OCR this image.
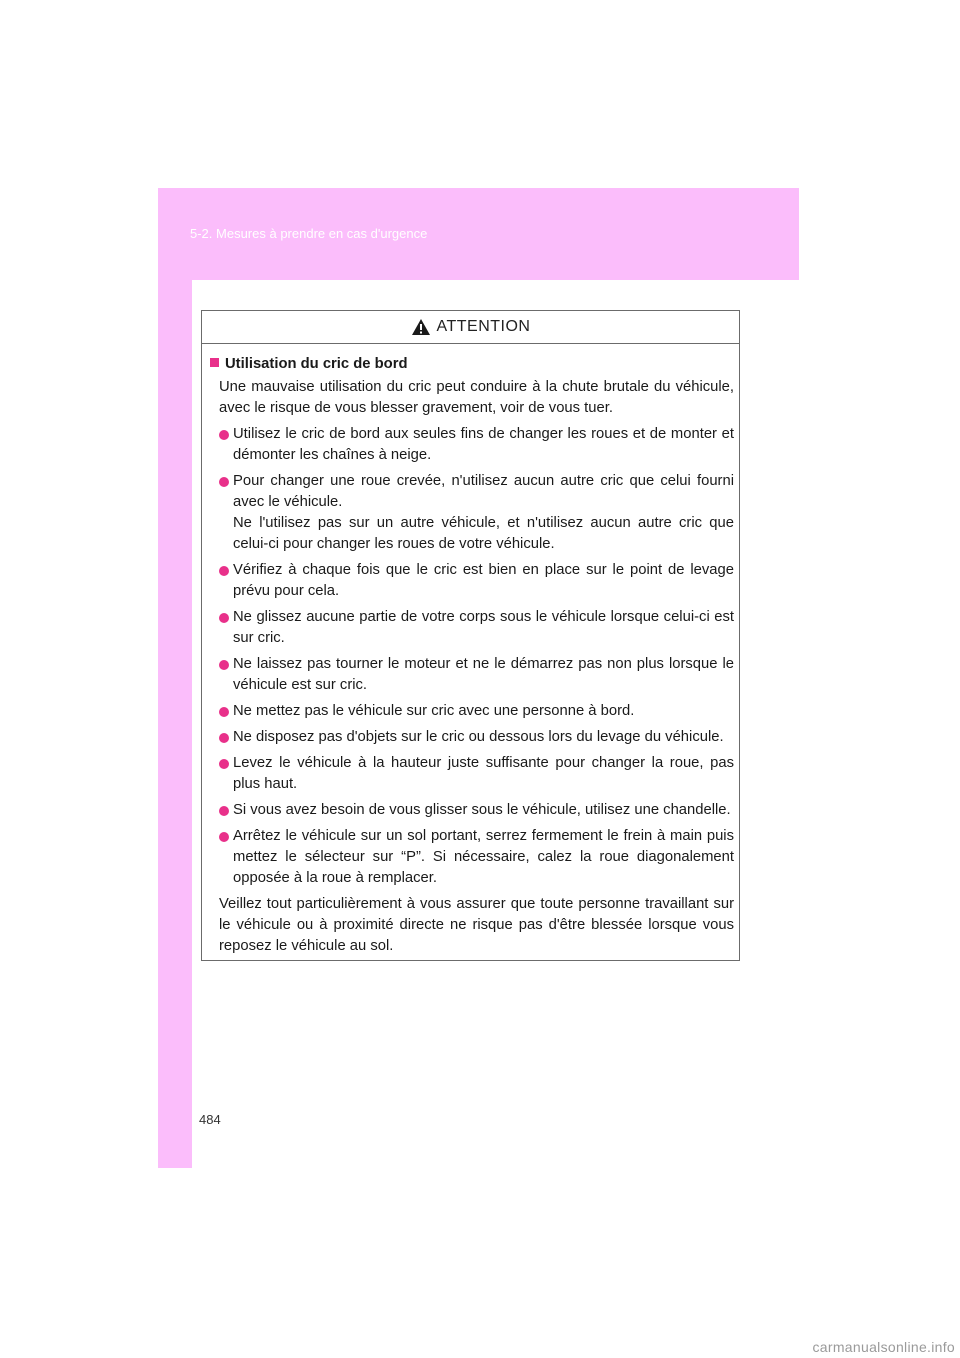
5-2. Mesures à prendre en cas d'urgence
ATTENTION
Utilisation du cric de bord
Une mauvaise utilisation du cric peut conduire à la chute brutale du véhicule, avec le risque de vous blesser gravement, voir de vous tuer.
Utilisez le cric de bord aux seules fins de changer les roues et de monter et démonter les chaînes à neige.
Pour changer une roue crevée, n'utilisez aucun autre cric que celui fourni avec le véhicule.
Ne l'utilisez pas sur un autre véhicule, et n'utilisez aucun autre cric que celui-ci pour changer les roues de votre véhicule.
Vérifiez à chaque fois que le cric est bien en place sur le point de levage prévu pour cela.
Ne glissez aucune partie de votre corps sous le véhicule lorsque celui-ci est sur cric.
Ne laissez pas tourner le moteur et ne le démarrez pas non plus lorsque le véhicule est sur cric.
Ne mettez pas le véhicule sur cric avec une personne à bord.
Ne disposez pas d'objets sur le cric ou dessous lors du levage du véhicule.
Levez le véhicule à la hauteur juste suffisante pour changer la roue, pas plus haut.
Si vous avez besoin de vous glisser sous le véhicule, utilisez une chandelle.
Arrêtez le véhicule sur un sol portant, serrez fermement le frein à main puis mettez le sélecteur sur “P”. Si nécessaire, calez la roue diagonalement opposée à la roue à remplacer.
Veillez tout particulièrement à vous assurer que toute personne travaillant sur le véhicule ou à proximité directe ne risque pas d'être blessée lorsque vous reposez le véhicule au sol.
484
carmanualsonline.info
